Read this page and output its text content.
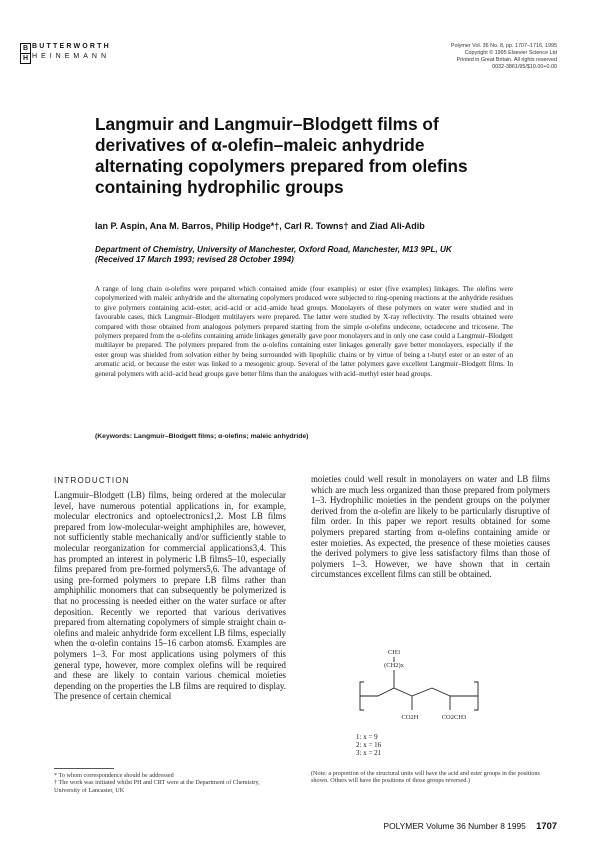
B
H
BUTTERWORTH
HEINEMANN
Polymer Vol. 36 No. 8, pp. 1707–1716, 1995
Copyright © 1995 Elsevier Science Ltd
Printed in Great Britain. All rights reserved
0032-3861/95/$10.00+0.00
Langmuir and Langmuir–Blodgett films of derivatives of α-olefin–maleic anhydride alternating copolymers prepared from olefins containing hydrophilic groups
Ian P. Aspin, Ana M. Barros, Philip Hodge*†, Carl R. Towns† and Ziad Ali-Adib
Department of Chemistry, University of Manchester, Oxford Road, Manchester, M13 9PL, UK
(Received 17 March 1993; revised 28 October 1994)
A range of long chain α-olefins were prepared which contained amide (four examples) or ester (five examples) linkages. The olefins were copolymerized with maleic anhydride and the alternating copolymers produced were subjected to ring-opening reactions at the anhydride residues to give polymers containing acid–ester, acid–acid or acid–amide head groups. Monolayers of these polymers on water were studied and in favourable cases, thick Langmuir–Blodgett multilayers were prepared. The latter were studied by X-ray reflectivity. The results obtained were compared with those obtained from analogous polymers prepared starting from the simple α-olefins undecene, octadecene and tricosene. The polymers prepared from the α-olefins containing amide linkages generally gave poor monolayers and in only one case could a Langmuir–Blodgett multilayer be prepared. The polymers prepared from the α-olefins containing ester linkages generally gave better monolayers, especially if the ester group was shielded from solvation either by being surrounded with lipophilic chains or by virtue of being a t-butyl ester or an ester of an aromatic acid, or because the ester was linked to a mesogenic group. Several of the latter polymers gave excellent Langmuir–Blodgett films. In general polymers with acid–acid head groups gave better films than the analogues with acid–methyl ester head groups.
(Keywords: Langmuir–Blodgett films; α-olefins; maleic anhydride)
INTRODUCTION
Langmuir–Blodgett (LB) films, being ordered at the molecular level, have numerous potential applications in, for example, molecular electronics and optoelectronics1,2. Most LB films prepared from low-molecular-weight amphiphiles are, however, not sufficiently stable mechanically and/or sufficiently stable to molecular reorganization for commercial applications3,4. This has prompted an interest in polymeric LB films5–10, especially films prepared from pre-formed polymers5,6. The advantage of using pre-formed polymers to prepare LB films rather than amphiphilic monomers that can subsequently be polymerized is that no processing is needed either on the water surface or after deposition. Recently we reported that various derivatives prepared from alternating copolymers of simple straight chain α-olefins and maleic anhydride form excellent LB films, especially when the α-olefin contains 15–16 carbon atoms6. Examples are polymers 1–3. For most applications using polymers of this general type, however, more complex olefins will be required and these are likely to contain various chemical moieties depending on the properties the LB films are required to display. The presence of certain chemical
moieties could well result in monolayers on water and LB films which are much less organized than those prepared from polymers 1–3. Hydrophilic moieties in the pendent groups on the polymer derived from the α-olefin are likely to be particularly disruptive of film order. In this paper we report results obtained for some polymers prepared starting from α-olefins containing amide or ester moieties. As expected, the presence of these moieties causes the derived polymers to give less satisfactory films than those of polymers 1–3. However, we have shown that in certain circumstances excellent films can still be obtained.
CH3
(CH2)x
CO2H	CO2CH3
1: x = 9
2: x = 16
3: x = 21
* To whom correspondence should be addressed
† The work was initiated whilst PH and CRT were at the Department of Chemistry, University of Lancaster, UK
(Note: a proportion of the structural units will have the acid and ester groups in the positions shown. Others will have the positions of those groups reversed.)
POLYMER Volume 36 Number 8 1995 1707
